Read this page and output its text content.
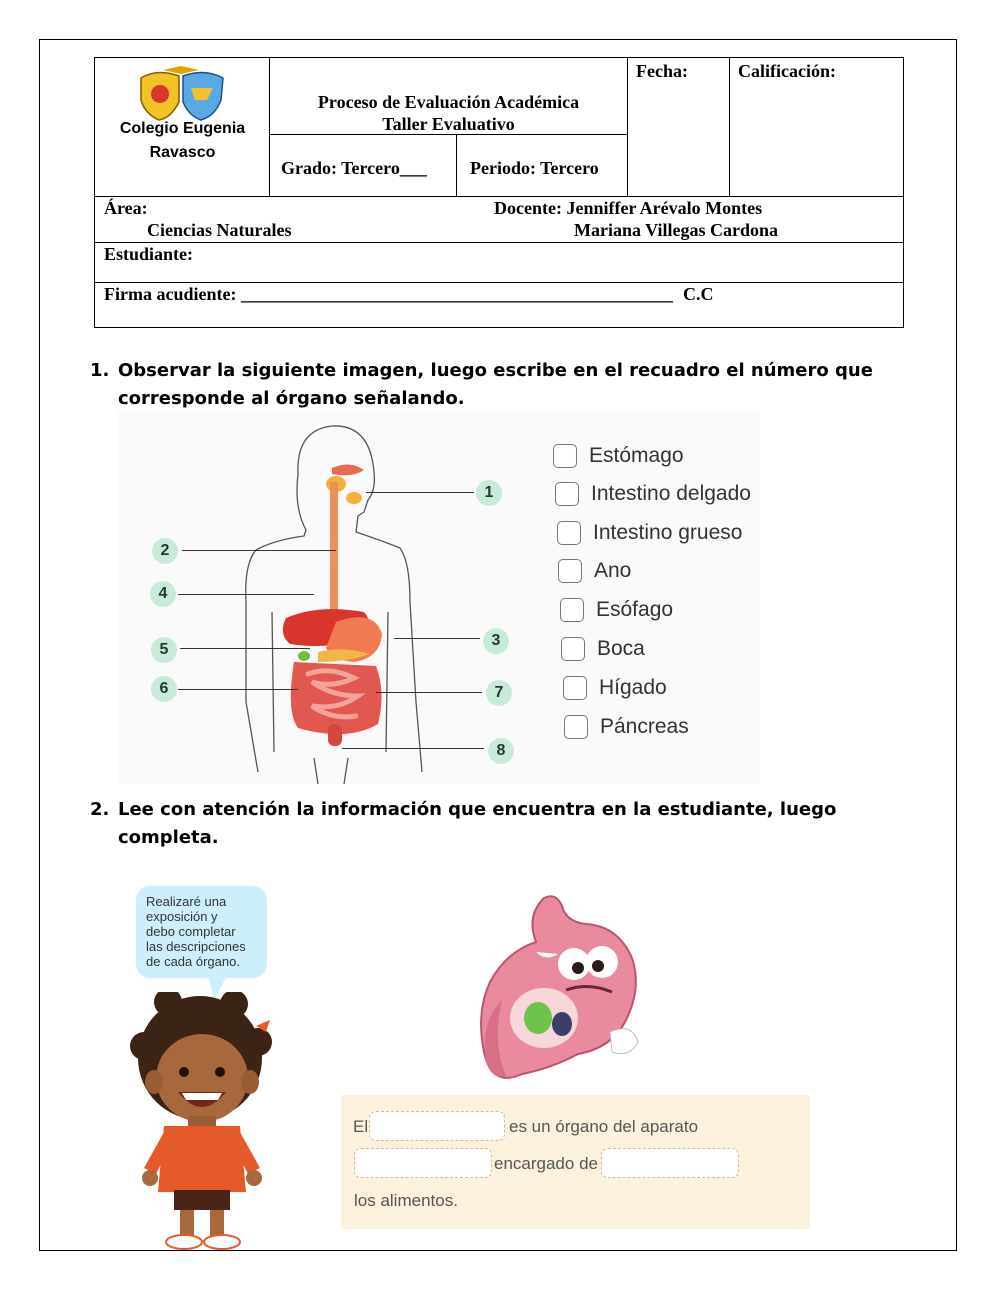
Colegio Eugenia
Ravasco
Proceso de Evaluación Académica
Taller Evaluativo
Grado: Tercero___ Periodo: Tercero
Fecha:	Calificación:
Área:
Ciencias Naturales
Docente: Jenniffer Arévalo Montes
Mariana Villegas Cardona
Estudiante:
Firma acudiente: ________________________________________________ C.C
1. Observar la siguiente imagen, luego escribe en el recuadro el número que
corresponde al órgano señalando.
1
2
3
4
5
6	7
8
Estómago
Intestino delgado
Intestino grueso
Ano
Esófago
Boca
Hígado
Páncreas
2. Lee con atención la información que encuentra en la estudiante, luego
completa.
Realizaré una
exposición y
debo completar
las descripciones
de cada órgano.
El	es un órgano del aparato
encargado de
los alimentos.
